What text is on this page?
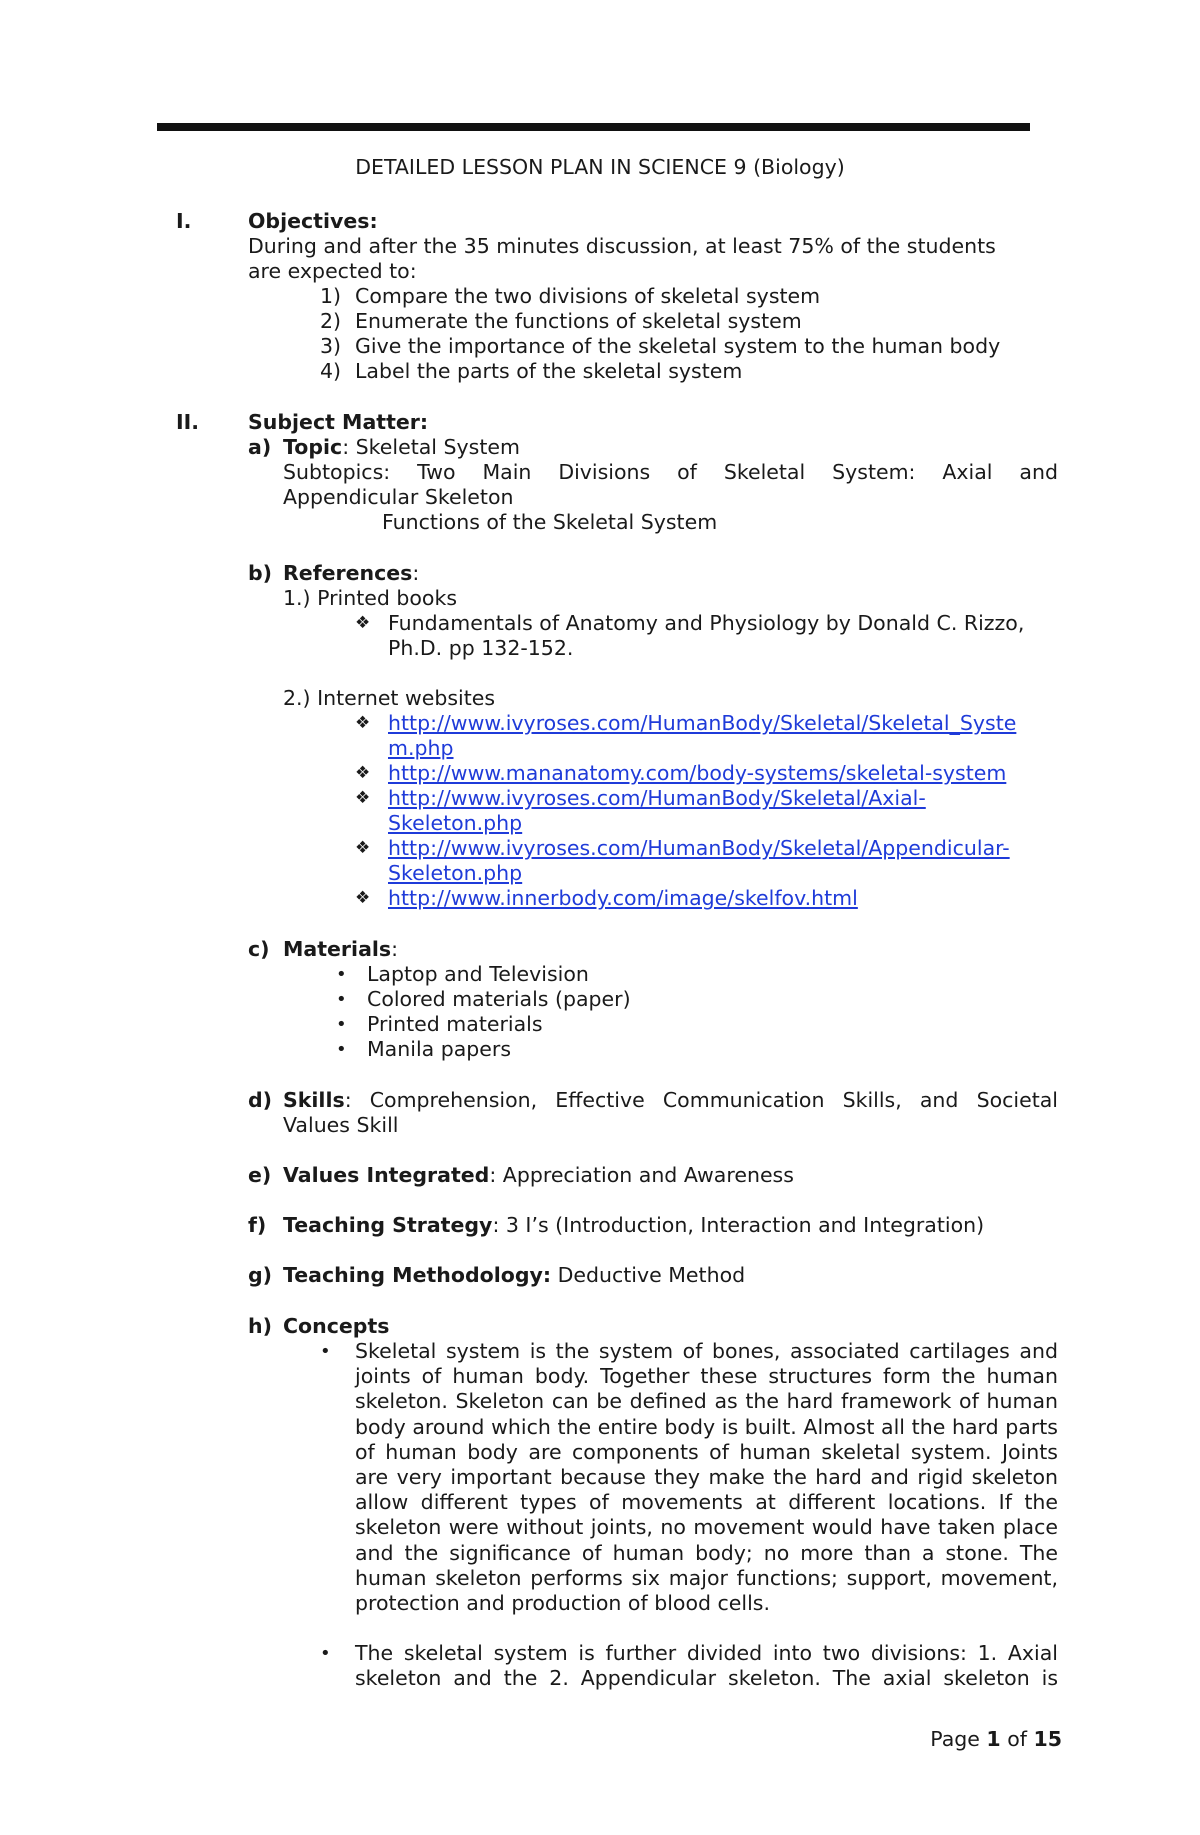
DETAILED LESSON PLAN IN SCIENCE 9 (Biology)
I.	Objectives:
During and after the 35 minutes discussion, at least 75% of the students
are expected to:
1) Compare the two divisions of skeletal system
2) Enumerate the functions of skeletal system
3) Give the importance of the skeletal system to the human body
4) Label the parts of the skeletal system
II. Subject Matter:
a) Topic: Skeletal System
Subtopics: Two Main Divisions of Skeletal System: Axial and
Appendicular Skeleton
Functions of the Skeletal System
b) References:
1.) Printed books
❖ Fundamentals of Anatomy and Physiology by Donald C. Rizzo,
Ph.D. pp 132-152.
2.) Internet websites
❖ http://www.ivyroses.com/HumanBody/Skeletal/Skeletal_Syste
m.php
❖ http://www.mananatomy.com/body-systems/skeletal-system
❖ http://www.ivyroses.com/HumanBody/Skeletal/Axial-
Skeleton.php
❖ http://www.ivyroses.com/HumanBody/Skeletal/Appendicular-
Skeleton.php
❖ http://www.innerbody.com/image/skelfov.html
c) Materials:
• Laptop and Television
• Colored materials (paper)
• Printed materials
• Manila papers
d) Skills: Comprehension, Effective Communication Skills, and Societal
Values Skill
e) Values Integrated: Appreciation and Awareness
f) Teaching Strategy: 3 I’s (Introduction, Interaction and Integration)
g) Teaching Methodology: Deductive Method
h) Concepts
• Skeletal system is the system of bones, associated cartilages and joints of human body. Together these structures form the human skeleton. Skeleton can be defined as the hard framework of human body around which the entire body is built. Almost all the hard parts of human body are components of human skeletal system. Joints are very important because they make the hard and rigid skeleton allow different types of movements at different locations. If the skeleton were without joints, no movement would have taken place and the significance of human body; no more than a stone. The human skeleton performs six major functions; support, movement, protection and production of blood cells.
• The skeletal system is further divided into two divisions: 1. Axial skeleton and the 2. Appendicular skeleton. The axial skeleton is
Page 1 of 15
